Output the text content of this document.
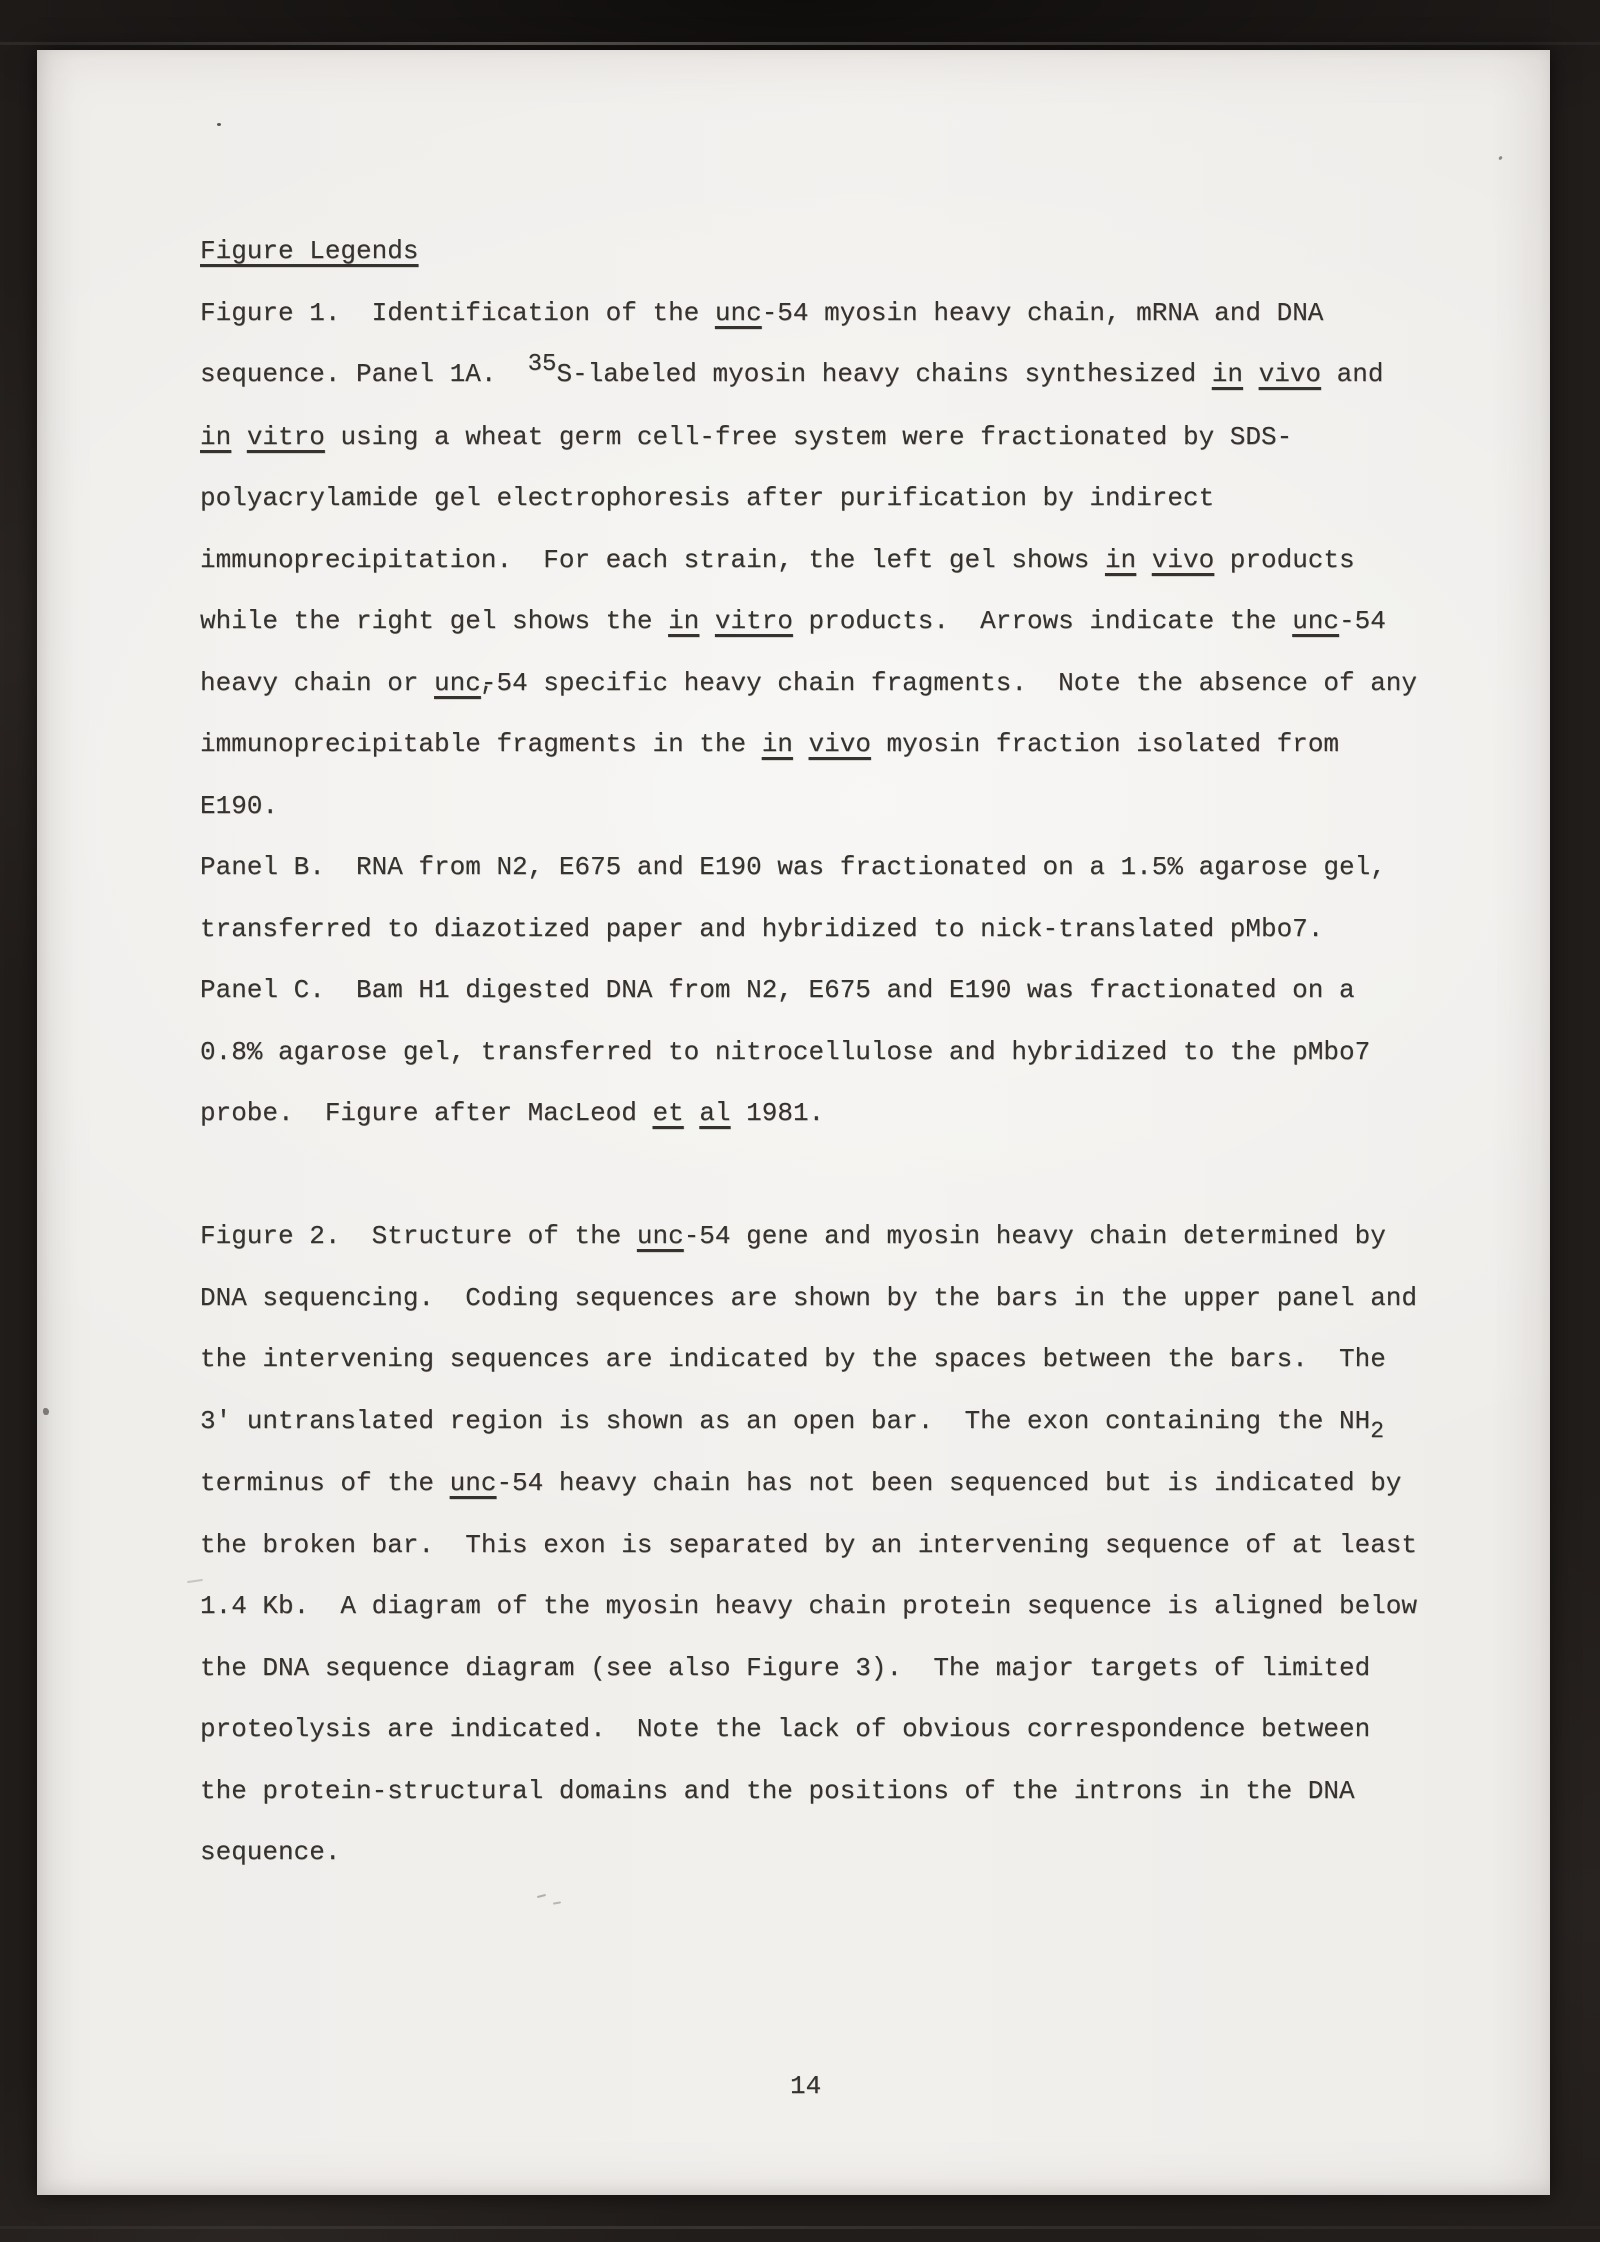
Figure Legends
Figure 1.  Identification of the unc-54 myosin heavy chain, mRNA and DNA
sequence. Panel 1A.  35S-labeled myosin heavy chains synthesized in vivo and
in vitro using a wheat germ cell-free system were fractionated by SDS-
polyacrylamide gel electrophoresis after purification by indirect
immunoprecipitation.  For each strain, the left gel shows in vivo products
while the right gel shows the in vitro products.  Arrows indicate the unc-54
heavy chain or unc-54 specific heavy chain fragments.  Note the absence of any
immunoprecipitable fragments in the in vivo myosin fraction isolated from
E190.
Panel B.  RNA from N2, E675 and E190 was fractionated on a 1.5% agarose gel,
transferred to diazotized paper and hybridized to nick-translated pMbo7.
Panel C.  Bam H1 digested DNA from N2, E675 and E190 was fractionated on a
0.8% agarose gel, transferred to nitrocellulose and hybridized to the pMbo7
probe.  Figure after MacLeod et al 1981.
Figure 2.  Structure of the unc-54 gene and myosin heavy chain determined by
DNA sequencing.  Coding sequences are shown by the bars in the upper panel and
the intervening sequences are indicated by the spaces between the bars.  The
3' untranslated region is shown as an open bar.  The exon containing the NH2
terminus of the unc-54 heavy chain has not been sequenced but is indicated by
the broken bar.  This exon is separated by an intervening sequence of at least
1.4 Kb.  A diagram of the myosin heavy chain protein sequence is aligned below
the DNA sequence diagram (see also Figure 3).  The major targets of limited
proteolysis are indicated.  Note the lack of obvious correspondence between
the protein-structural domains and the positions of the introns in the DNA
sequence.
14
'
